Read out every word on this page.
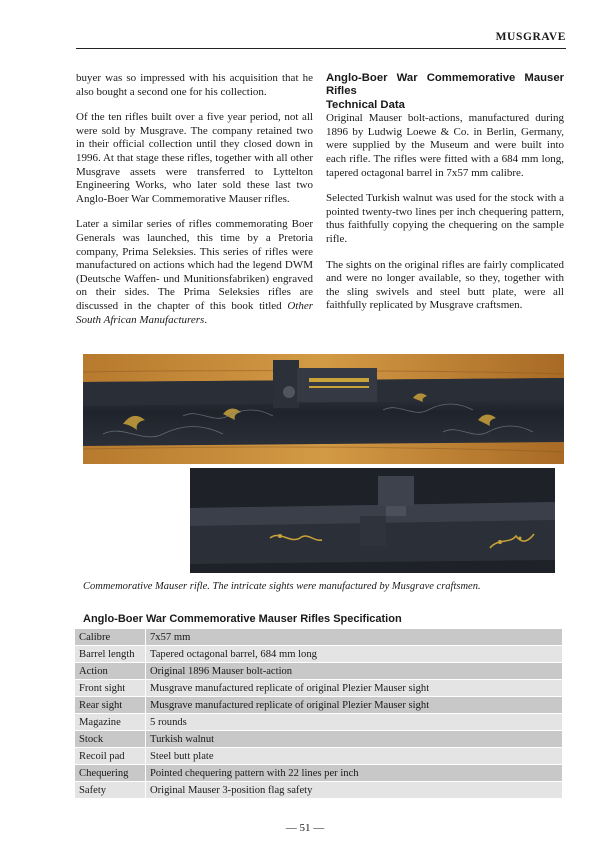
MUSGRAVE

buyer was so impressed with his acquisition that he also bought a second one for his collection.

Of the ten rifles built over a five year period, not all were sold by Musgrave. The company retained two in their official collection until they closed down in 1996. At that stage these rifles, together with all other Musgrave assets were transferred to Lyttelton Engineering Works, who later sold these last two Anglo-Boer War Commemorative Mauser rifles.

Later a similar series of rifles commemorating Boer Generals was launched, this time by a Pretoria company, Prima Seleksies. This series of rifles were manufactured on actions which had the legend DWM (Deutsche Waffen- und Munitionsfabriken) engraved on their sides. The Prima Seleksies rifles are discussed in the chapter of this book titled Other South African Manufacturers.

Anglo-Boer War Commemorative Mauser Rifles
Technical Data

Original Mauser bolt-actions, manufactured during 1896 by Ludwig Loewe & Co. in Berlin, Germany, were supplied by the Museum and were built into each rifle. The rifles were fitted with a 684 mm long, tapered octagonal barrel in 7x57 mm calibre.

Selected Turkish walnut was used for the stock with a pointed twenty-two lines per inch chequering pattern, thus faithfully copying the chequering on the sample rifle.

The sights on the original rifles are fairly complicated and were no longer available, so they, together with the sling swivels and steel butt plate, were all faithfully replicated by Musgrave craftsmen.

Commemorative Mauser rifle. The intricate sights were manufactured by Musgrave craftsmen.
Anglo-Boer War Commemorative Mauser Rifles Specification
Calibre	7x57 mm
Barrel length	Tapered octagonal barrel, 684 mm long
Action	Original 1896 Mauser bolt-action
Front sight	Musgrave manufactured replicate of original Plezier Mauser sight
Rear sight	Musgrave manufactured replicate of original Plezier Mauser sight
Magazine	5 rounds
Stock	Turkish walnut
Recoil pad	Steel butt plate
Chequering	Pointed chequering pattern with 22 lines per inch
Safety	Original Mauser 3-position flag safety
— 51 —
